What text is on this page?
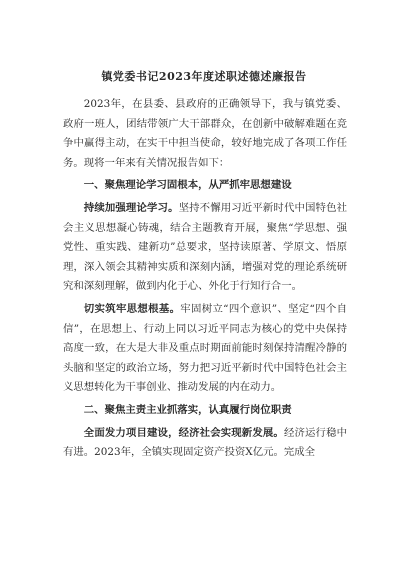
镇党委书记2023年度述职述德述廉报告

2023年，在县委、县政府的正确领导下，我与镇党委、政府一班人，团结带领广大干部群众，在创新中破解难题在竞争中赢得主动，在实干中担当使命，较好地完成了各项工作任务。现将一年来有关情况报告如下：

一、聚焦理论学习固根本，从严抓牢思想建设

持续加强理论学习。坚持不懈用习近平新时代中国特色社会主义思想凝心铸魂，结合主题教育开展，聚焦“学思想、强党性、重实践、建新功”总要求，坚持读原著、学原文、悟原理，深入领会其精神实质和深刻内涵，增强对党的理论系统研究和深刻理解，做到内化于心、外化于行知行合一。

切实筑牢思想根基。牢固树立“四个意识”、坚定“四个自信”，在思想上、行动上同以习近平同志为核心的党中央保持高度一致，在大是大非及重点时期面前能时刻保持清醒冷静的头脑和坚定的政治立场，努力把习近平新时代中国特色社会主义思想转化为干事创业、推动发展的内在动力。

二、聚焦主责主业抓落实，认真履行岗位职责

全面发力项目建设，经济社会实现新发展。经济运行稳中有进。2023年，全镇实现固定资产投资X亿元。完成全
